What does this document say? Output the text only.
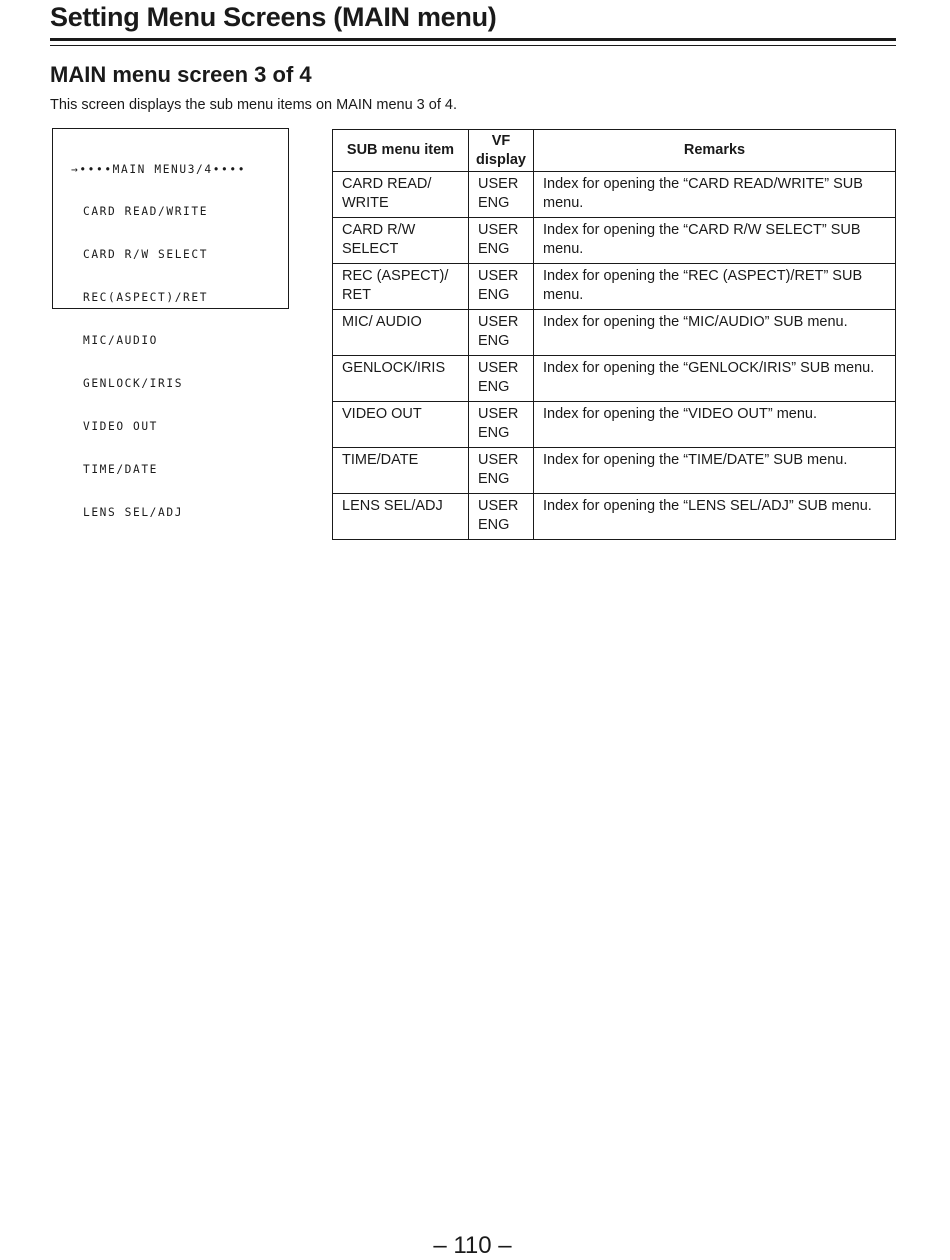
Setting Menu Screens (MAIN menu)
MAIN menu screen 3 of 4

This screen displays the sub menu items on MAIN menu 3 of 4.

→••••MAIN MENU3/4••••

CARD READ/WRITE

CARD R/W SELECT

REC(ASPECT)/RET

MIC/AUDIO

GENLOCK/IRIS

VIDEO OUT

TIME/DATE

LENS SEL/ADJ

SUB menu item	VF display	Remarks
CARD READ/ WRITE	USER ENG	Index for opening the “CARD READ/WRITE” SUB menu.
CARD R/W SELECT	USER ENG	Index for opening the “CARD R/W SELECT” SUB menu.
REC (ASPECT)/ RET	USER ENG	Index for opening the “REC (ASPECT)/RET” SUB menu.
MIC/ AUDIO	USER ENG	Index for opening the “MIC/AUDIO” SUB menu.
GENLOCK/IRIS	USER ENG	Index for opening the “GENLOCK/IRIS” SUB menu.
VIDEO OUT	USER ENG	Index for opening the “VIDEO OUT” menu.
TIME/DATE	USER ENG	Index for opening the “TIME/DATE” SUB menu.
LENS SEL/ADJ	USER ENG	Index for opening the “LENS SEL/ADJ” SUB menu.

– 110 –
